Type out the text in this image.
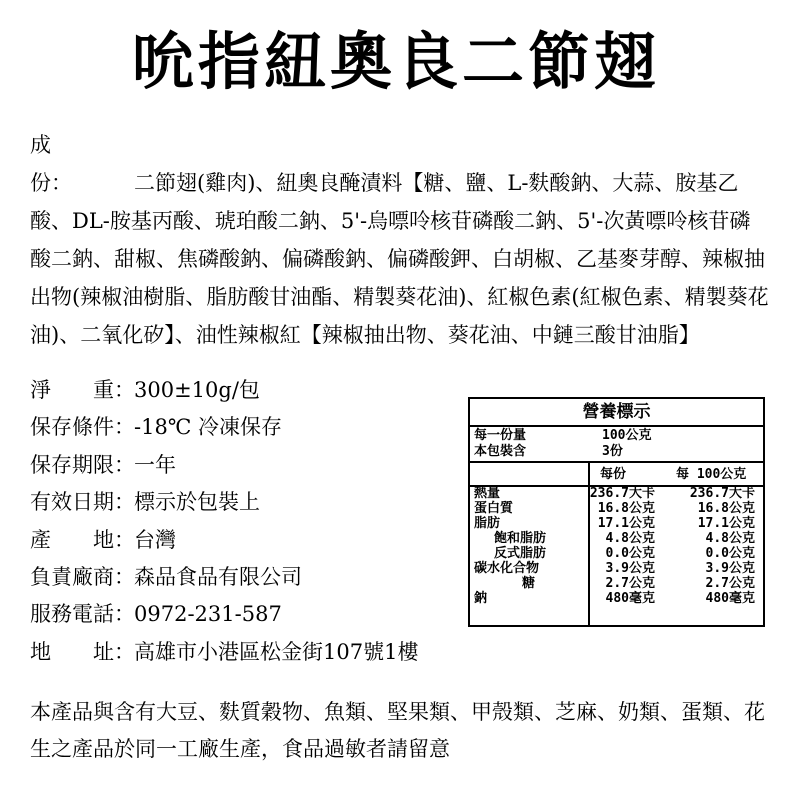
吮指紐奧良二節翅
成　　份：	二節翅(雞肉)、紐奧良醃漬料【糖、鹽、L-麩酸鈉、大蒜、胺基乙酸、DL-胺基丙酸、琥珀酸二鈉、5'-烏嘌呤核苷磷酸二鈉、5'-次黃嘌呤核苷磷酸二鈉、甜椒、焦磷酸鈉、偏磷酸鈉、偏磷酸鉀、白胡椒、乙基麥芽醇、辣椒抽出物(辣椒油樹脂、脂肪酸甘油酯、精製葵花油)、紅椒色素(紅椒色素、精製葵花油)、二氧化矽】、油性辣椒紅【辣椒抽出物、葵花油、中鏈三酸甘油脂】
淨　　重：300±10g/包
保存條件：-18℃ 冷凍保存
保存期限：一年
有效日期：標示於包裝上
產　　地：台灣
負責廠商：森品食品有限公司
服務電話：0972-231-587
地　　址：高雄市小港區松金街107號1樓
本產品與含有大豆、麩質穀物、魚類、堅果類、甲殼類、芝麻、奶類、蛋類、花生之產品於同一工廠生產，食品過敏者請留意
營養標示
每一份量	100公克
本包裝含	3份
每份	每 100公克
熱量	236.7大卡	236.7大卡
蛋白質	16.8公克	16.8公克
脂肪	17.1公克	17.1公克
飽和脂肪	4.8公克	4.8公克
反式脂肪	0.0公克	0.0公克
碳水化合物	3.9公克	3.9公克
糖	2.7公克	2.7公克
鈉	480毫克	480毫克
